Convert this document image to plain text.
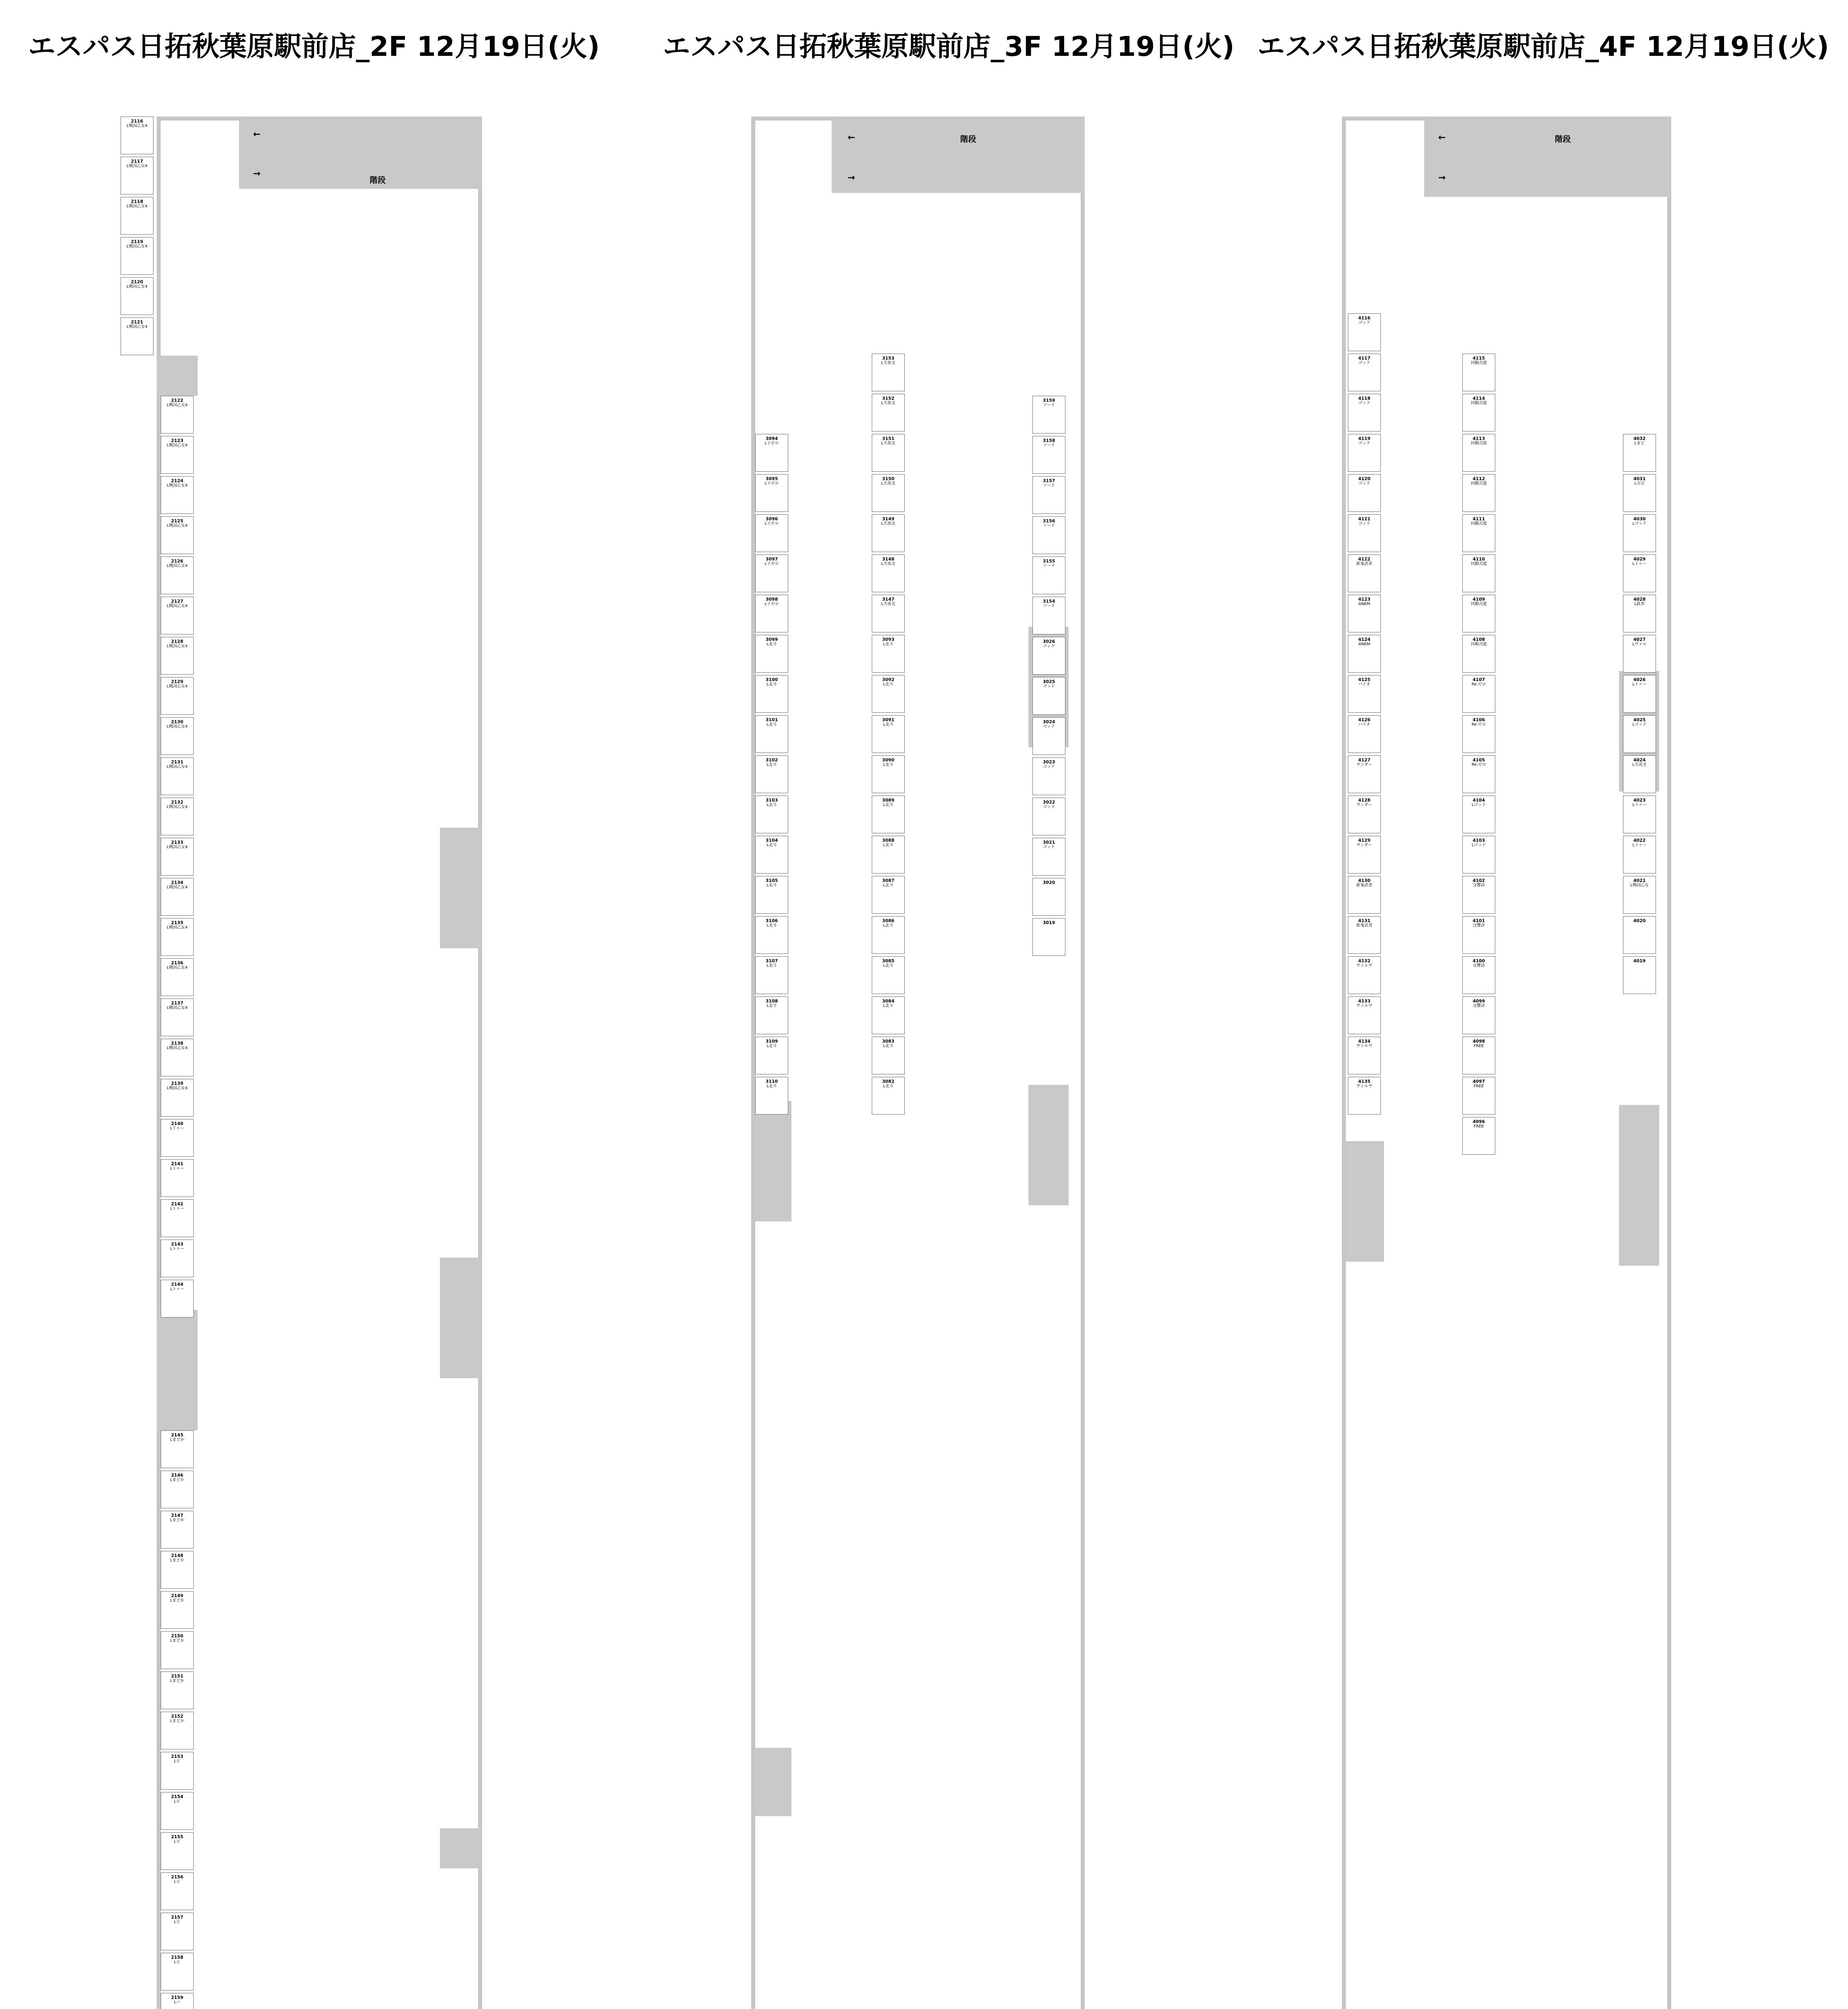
エスパス日拓秋葉原駅前店_2F 12月19日(火)
階段
←
→
2116
L戦国乙女4
2117
L戦国乙女4
2118
L戦国乙女4
2119
L戦国乙女4
2120
L戦国乙女4
2121
L戦国乙女4
2122
L戦国乙女4
2123
L戦国乙女4
2124
L戦国乙女4
2125
L戦国乙女4
2126
L戦国乙女4
2127
L戦国乙女4
2128
L戦国乙女4
2129
L戦国乙女4
2130
L戦国乙女4
2131
L戦国乙女4
2132
L戦国乙女4
2133
L戦国乙女4
2134
L戦国乙女4
2135
L戦国乙女4
2136
L戦国乙女4
2137
L戦国乙女4
2138
L戦国乙女4
2139
L戦国乙女4
2140
Lトゥー
2141
Lトゥー
2142
Lトゥー
2143
Lトゥー
2144
Lトゥー
2145
Lまどか
2146
Lまどか
2147
Lまどか
2148
Lまどか
2149
Lまどか
2150
Lまどか
2151
Lまどか
2152
Lまどか
2153
Lビ
2154
Lビ
2155
Lビ
2156
Lビ
2157
Lビ
2158
Lビ
2159
Lバ
エスパス日拓秋葉原駅前店_3F 12月19日(火)
階段
←
→
3094
Lリゼロ
3095
Lリゼロ
3096
Lリゼロ
3097
Lリゼロ
3098
Lリゼロ
3099
L北斗
3100
L北斗
3101
L北斗
3102
L北斗
3103
L北斗
3104
L北斗
3105
L北斗
3106
L北斗
3107
L北斗
3108
L北斗
3109
L北斗
3110
L北斗
3153
L犬夜叉
3152
L犬夜叉
3151
L犬夜叉
3150
L犬夜叉
3149
L犬夜叉
3148
L犬夜叉
3147
L犬夜叉
3093
L北斗
3092
L北斗
3091
L北斗
3090
L北斗
3089
L北斗
3088
L北斗
3087
L北斗
3086
L北斗
3085
L北斗
3084
L北斗
3083
L北斗
3082
L北斗
3159
ソード
3158
ソード
3157
ソード
3156
ソード
3155
ソード
3154
ソード
3026
ゴッド
3025
ゴッド
3024
ゴッド
3023
ゴッド
3022
ゴッド
3021
ゴッド
3020
3019
エスパス日拓秋葉原駅前店_4F 12月19日(火)
階段
←
→
4116
ゴッド
4117
ゴッド
4118
ゴッド
4119
ゴッド
4120
ゴッド
4121
ゴッド
4122
新鬼武者
4123
ANEM
4124
ANEM
4125
バイオ
4126
バイオ
4127
サンダー
4128
サンダー
4129
サンダー
4130
新鬼武者
4131
新鬼武者
4132
ヴァルヴ
4133
ヴァルヴ
4134
ヴァルヴ
4135
ヴァルヴ
4115
回胴式遊
4114
回胴式遊
4113
回胴式遊
4112
回胴式遊
4111
回胴式遊
4110
回胴式遊
4109
回胴式遊
4108
回胴式遊
4107
Re:ゼロ
4106
Re:ゼロ
4105
Re:ゼロ
4104
Lゴッド
4103
Lゴッド
4102
交響詩
4101
交響詩
4100
交響詩
4099
交響詩
4098
FREE
4097
FREE
4096
FREE
4032
Lまど
4031
L吉宗
4030
Lゴッド
4029
Lトゥー
4028
L鉄拳
4027
Lヴァル
4026
Lトゥー
4025
Lゴッド
4024
L犬夜叉
4023
Lトゥー
4022
Lトゥー
4021
L戦国乙女
4020
4019
